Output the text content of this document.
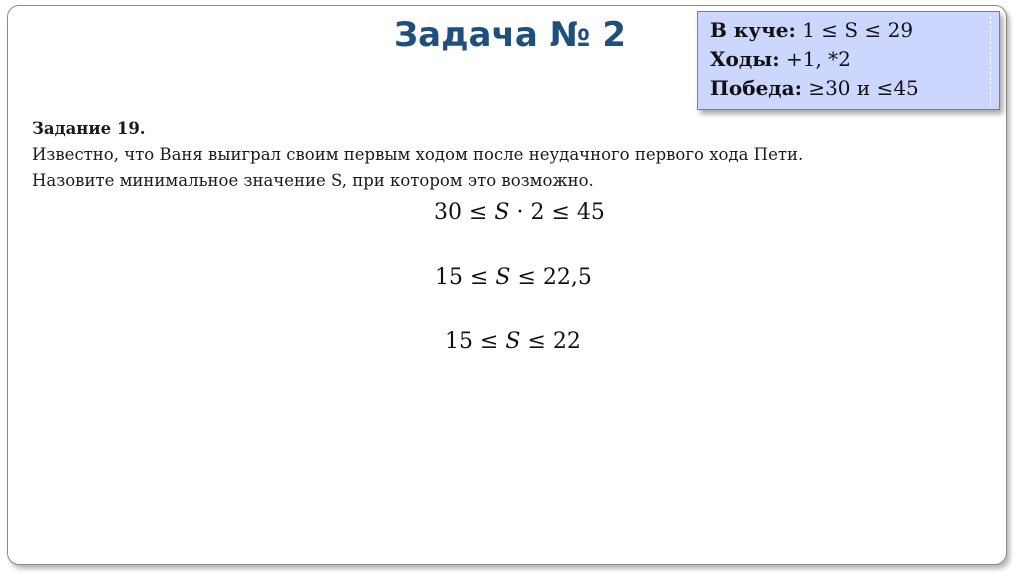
Задача № 2	В куче: 1 ≤ S ≤ 29
Ходы: +1, *2
Победа: ≥30 и ≤45
Задание 19.
Известно, что Ваня выиграл своим первым ходом после неудачного первого хода Пети.
Назовите минимальное значение S, при котором это возможно.
30 ≤ S · 2 ≤ 45
15 ≤ S ≤ 22,5
15 ≤ S ≤ 22
